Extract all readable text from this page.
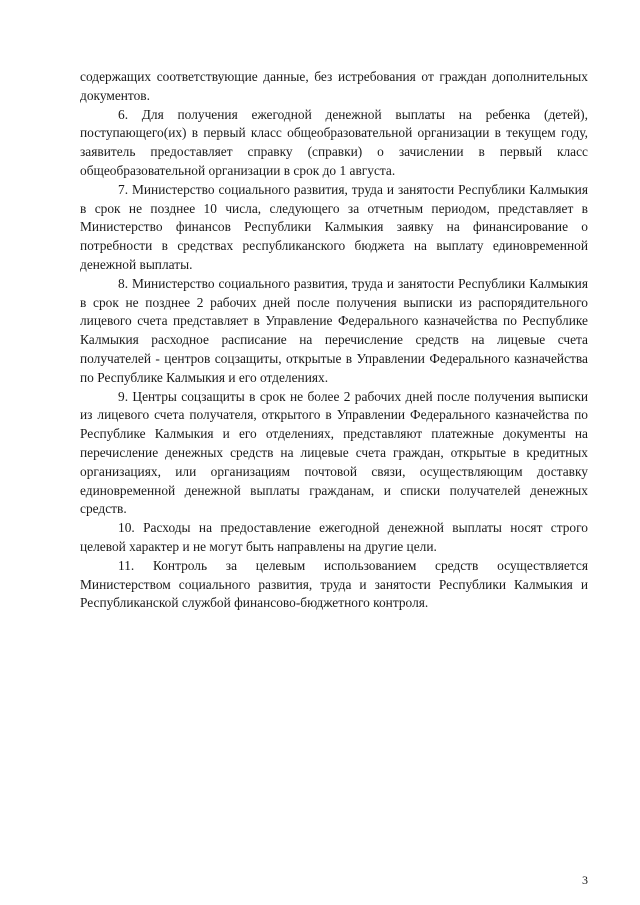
содержащих соответствующие данные, без истребования от граждан дополнительных документов.

6. Для получения ежегодной денежной выплаты на ребенка (детей), поступающего(их) в первый класс общеобразовательной организации в текущем году, заявитель предоставляет справку (справки) о зачислении в первый класс общеобразовательной организации в срок до 1 августа.

7. Министерство социального развития, труда и занятости Республики Калмыкия в срок не позднее 10 числа, следующего за отчетным периодом, представляет в Министерство финансов Республики Калмыкия заявку на финансирование о потребности в средствах республиканского бюджета на выплату единовременной денежной выплаты.

8. Министерство социального развития, труда и занятости Республики Калмыкия в срок не позднее 2 рабочих дней после получения выписки из распорядительного лицевого счета представляет в Управление Федерального казначейства по Республике Калмыкия расходное расписание на перечисление средств на лицевые счета получателей - центров соцзащиты, открытые в Управлении Федерального казначейства по Республике Калмыкия и его отделениях.

9. Центры соцзащиты в срок не более 2 рабочих дней после получения выписки из лицевого счета получателя, открытого в Управлении Федерального казначейства по Республике Калмыкия и его отделениях, представляют платежные документы на перечисление денежных средств на лицевые счета граждан, открытые в кредитных организациях, или организациям почтовой связи, осуществляющим доставку единовременной денежной выплаты гражданам, и списки получателей денежных средств.

10. Расходы на предоставление ежегодной денежной выплаты носят строго целевой характер и не могут быть направлены на другие цели.

11. Контроль за целевым использованием средств осуществляется Министерством социального развития, труда и занятости Республики Калмыкия и Республиканской службой финансово-бюджетного контроля.

3
